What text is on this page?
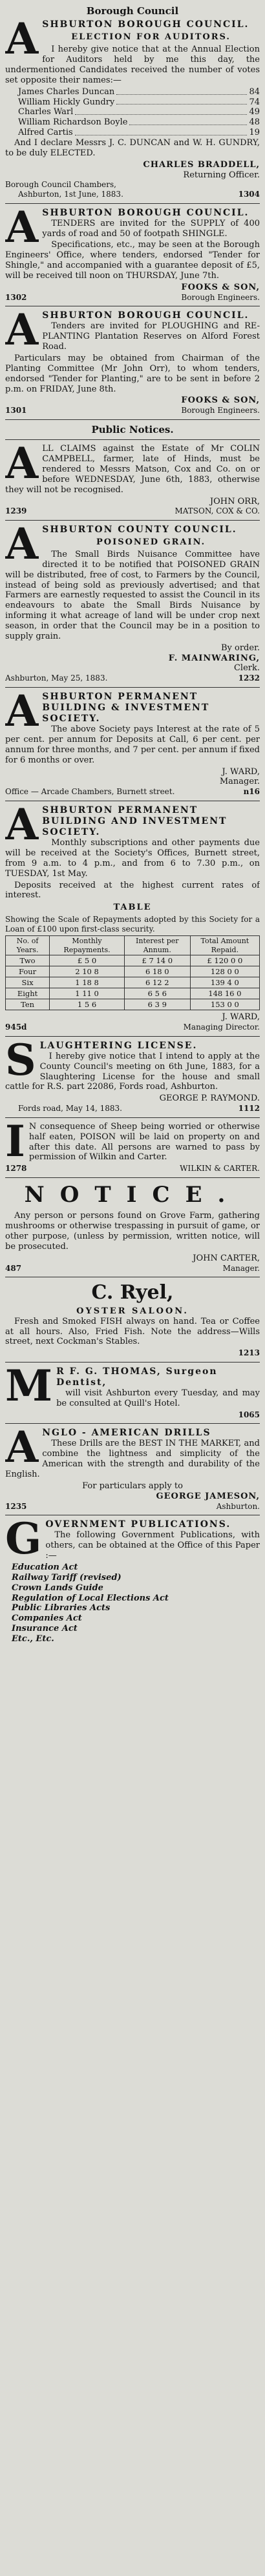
Borough Council
A SHBURTON BOROUGH COUNCIL.
ELECTION FOR AUDITORS.

I hereby give notice that at the Annual Election for Auditors held by me this day, the undermentioned Candidates received the number of votes set opposite their names:—

James Charles Duncan	84
William Hickly Gundry	74
Charles Warl	49
William Richardson Boyle	48
Alfred Cartis	19

And I declare Messrs J. C. DUNCAN and W. H. GUNDRY, to be duly ELECTED.

CHARLES BRADDELL,
Returning Officer.
Borough Council Chambers,
Ashburton, 1st June, 1883.	1304
A SHBURTON BOROUGH COUNCIL.

TENDERS are invited for the SUPPLY of 400 yards of road and 50 of footpath SHINGLE.

Specifications, etc., may be seen at the Borough Engineers' Office, where tenders, endorsed "Tender for Shingle," and accompanied with a guarantee deposit of £5, will be received till noon on THURSDAY, June 7th.

FOOKS & SON,
1302	Borough Engineers.
A SHBURTON BOROUGH COUNCIL.

Tenders are invited for PLOUGHING and RE-PLANTING Plantation Reserves on Alford Forest Road.

Particulars may be obtained from Chairman of the Planting Committee (Mr John Orr), to whom tenders, endorsed "Tender for Planting," are to be sent in before 2 p.m. on FRIDAY, June 8th.

FOOKS & SON,
1301	Borough Engineers.
Public Notices.
A LL CLAIMS against the Estate of Mr COLIN CAMPBELL, farmer, late of Hinds, must be rendered to Messrs Matson, Cox and Co. on or before WEDNESDAY, June 6th, 1883, otherwise they will not be recognised.

JOHN ORR,
1239	MATSON, COX & CO.
A SHBURTON COUNTY COUNCIL.
POISONED GRAIN.

The Small Birds Nuisance Committee have directed it to be notified that POISONED GRAIN will be distributed, free of cost, to Farmers by the Council, instead of being sold as previously advertised; and that Farmers are earnestly requested to assist the Council in its endeavours to abate the Small Birds Nuisance by informing it what acreage of land will be under crop next season, in order that the Council may be in a position to supply grain.

By order.
F. MAINWARING,
Clerk.
Ashburton, May 25, 1883.	1232
A SHBURTON PERMANENT BUILDING & INVESTMENT SOCIETY.

The above Society pays Interest at the rate of 5 per cent. per annum for Deposits at Call, 6 per cent. per annum for three months, and 7 per cent. per annum if fixed for 6 months or over.

J. WARD,
Manager.
Office — Arcade Chambers, Burnett street.	n16
A SHBURTON PERMANENT BUILDING AND INVESTMENT SOCIETY.

Monthly subscriptions and other payments due will be received at the Society's Offices, Burnett street, from 9 a.m. to 4 p.m., and from 6 to 7.30 p.m., on TUESDAY, 1st May.

Deposits received at the highest current rates of interest.

TABLE

Showing the Scale of Repayments adopted by this Society for a Loan of £100 upon first-class security.

No. of Years.	Monthly Repayments.	Interest per Annum.	Total Amount Repaid.
Two	£ 5 0	£ 7 14 0	£ 120 0 0
Four	2 10 8	6 18 0	128 0 0
Six	1 18 8	6 12 2	139 4 0
Eight	1 11 0	6 5 6	148 16 0
Ten	1 5 6	6 3 9	153 0 0
J. WARD,
945d	Managing Director.
S LAUGHTERING LICENSE.

I hereby give notice that I intend to apply at the County Council's meeting on 6th June, 1883, for a Slaughtering License for the house and small cattle for R.S. part 22086, Fords road, Ashburton.

GEORGE P. RAYMOND.
Fords road, May 14, 1883.	1112
I N consequence of Sheep being worried or otherwise half eaten, POISON will be laid on property on and after this date. All persons are warned to pass by permission of Wilkin and Carter.

1278	WILKIN & CARTER.
NOTICE.

Any person or persons found on Grove Farm, gathering mushrooms or otherwise trespassing in pursuit of game, or other purpose, (unless by permission, written notice, will be prosecuted.

JOHN CARTER,
487	Manager.
C. Ryel,
OYSTER SALOON.

Fresh and Smoked FISH always on hand. Tea or Coffee at all hours. Also, Fried Fish. Note the address—Wills street, next Cockman's Stables.

1213
M R F. G. THOMAS, Surgeon Dentist,

will visit Ashburton every Tuesday, and may be consulted at Quill's Hotel.

1065
A NGLO - AMERICAN DRILLS

These Drills are the BEST IN THE MARKET, and combine the lightness and simplicity of the American with the strength and durability of the English.

For particulars apply to
GEORGE JAMESON,
1235	Ashburton.
G OVERNMENT PUBLICATIONS.

The following Government Publications, with others, can be obtained at the Office of this Paper :—

Education Act
Railway Tariff (revised)
Crown Lands Guide
Regulation of Local Elections Act
Public Libraries Acts
Companies Act
Insurance Act
Etc., Etc.
